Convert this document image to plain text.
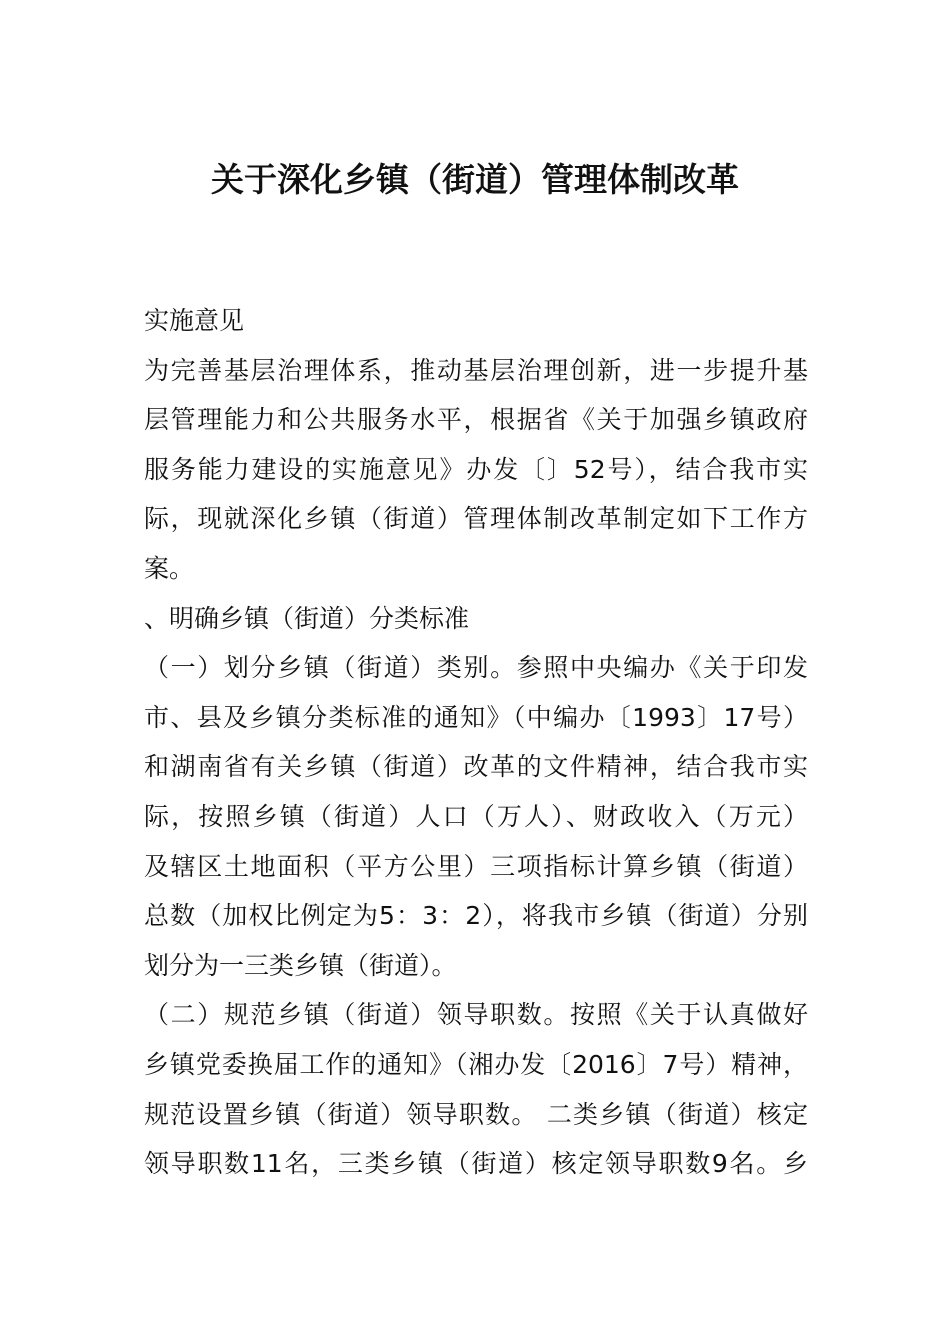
关于深化乡镇（街道）管理体制改革
实施意见
为完善基层治理体系，推动基层治理创新，进一步提升基
层管理能力和公共服务水平，根据省《关于加强乡镇政府
服务能力建设的实施意见》办发〔〕52号），结合我市实
际，现就深化乡镇（街道）管理体制改革制定如下工作方
案。
、明确乡镇（街道）分类标准
（一）划分乡镇（街道）类别。参照中央编办《关于印发
市、县及乡镇分类标准的通知》（中编办〔1993〕17号）
和湖南省有关乡镇（街道）改革的文件精神，结合我市实
际，按照乡镇（街道）人口（万人）、财政收入（万元）
及辖区土地面积（平方公里）三项指标计算乡镇（街道）
总数（加权比例定为5：3：2），将我市乡镇（街道）分别
划分为一三类乡镇（街道）。
（二）规范乡镇（街道）领导职数。按照《关于认真做好
乡镇党委换届工作的通知》（湘办发〔2016〕7号）精神，
规范设置乡镇（街道）领导职数。 二类乡镇（街道）核定
领导职数11名，三类乡镇（街道）核定领导职数9名。乡
